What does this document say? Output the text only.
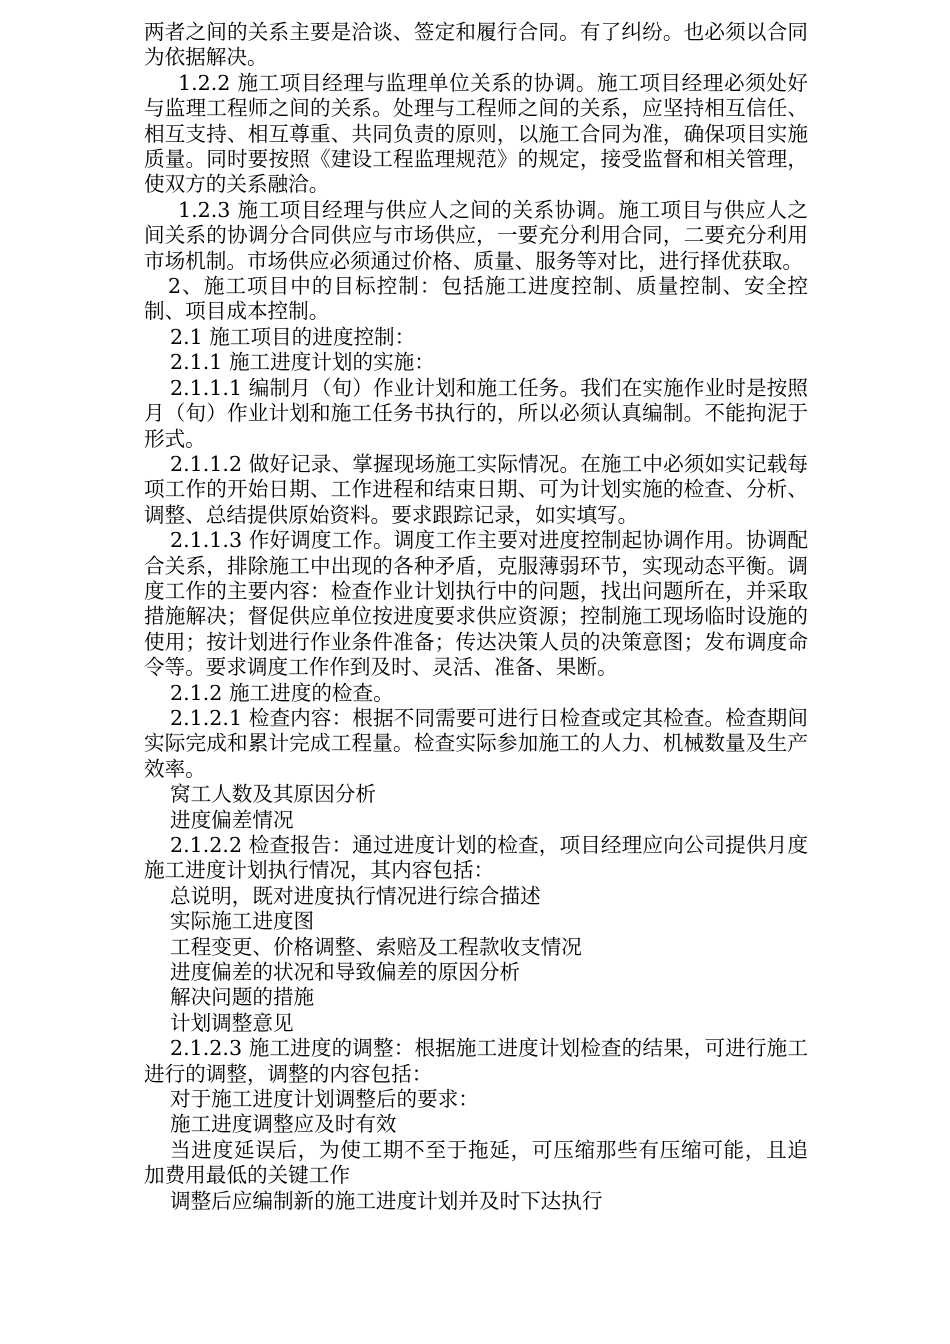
两者之间的关系主要是洽谈、签定和履行合同。有了纠纷。也必须以合同为依据解决。

1.2.2 施工项目经理与监理单位关系的协调。施工项目经理必须处好与监理工程师之间的关系。处理与工程师之间的关系，应坚持相互信任、相互支持、相互尊重、共同负责的原则，以施工合同为准，确保项目实施质量。同时要按照《建设工程监理规范》的规定，接受监督和相关管理，使双方的关系融洽。

1.2.3 施工项目经理与供应人之间的关系协调。施工项目与供应人之间关系的协调分合同供应与市场供应，一要充分利用合同，二要充分利用市场机制。市场供应必须通过价格、质量、服务等对比，进行择优获取。

2、施工项目中的目标控制：包括施工进度控制、质量控制、安全控制、项目成本控制。

2.1 施工项目的进度控制：

2.1.1 施工进度计划的实施：

2.1.1.1 编制月（旬）作业计划和施工任务。我们在实施作业时是按照月（旬）作业计划和施工任务书执行的，所以必须认真编制。不能拘泥于形式。

2.1.1.2 做好记录、掌握现场施工实际情况。在施工中必须如实记载每项工作的开始日期、工作进程和结束日期、可为计划实施的检查、分析、调整、总结提供原始资料。要求跟踪记录，如实填写。

2.1.1.3 作好调度工作。调度工作主要对进度控制起协调作用。协调配合关系，排除施工中出现的各种矛盾，克服薄弱环节，实现动态平衡。调度工作的主要内容：检查作业计划执行中的问题，找出问题所在，并采取措施解决；督促供应单位按进度要求供应资源；控制施工现场临时设施的使用；按计划进行作业条件准备；传达决策人员的决策意图；发布调度命令等。要求调度工作作到及时、灵活、准备、果断。

2.1.2 施工进度的检查。

2.1.2.1 检查内容：根据不同需要可进行日检查或定其检查。检查期间实际完成和累计完成工程量。检查实际参加施工的人力、机械数量及生产效率。

窝工人数及其原因分析

进度偏差情况

2.1.2.2 检查报告：通过进度计划的检查，项目经理应向公司提供月度施工进度计划执行情况，其内容包括：

总说明，既对进度执行情况进行综合描述

实际施工进度图

工程变更、价格调整、索赔及工程款收支情况

进度偏差的状况和导致偏差的原因分析

解决问题的措施

计划调整意见

2.1.2.3 施工进度的调整：根据施工进度计划检查的结果，可进行施工进行的调整，调整的内容包括：

对于施工进度计划调整后的要求：

施工进度调整应及时有效

当进度延误后，为使工期不至于拖延，可压缩那些有压缩可能，且追加费用最低的关键工作

调整后应编制新的施工进度计划并及时下达执行
